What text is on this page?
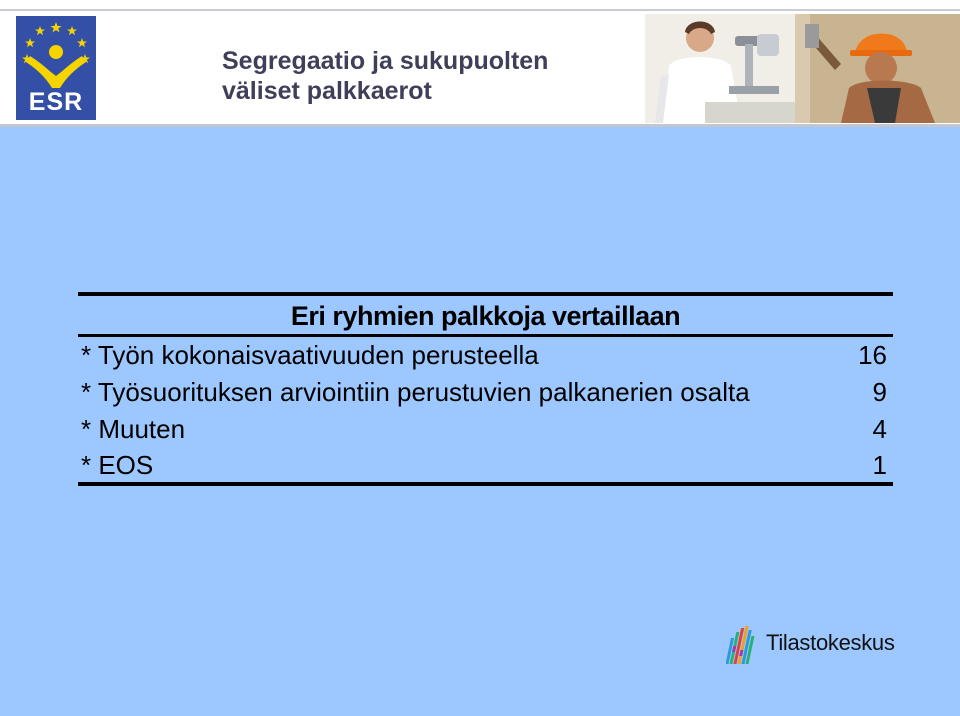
ESR
Segregaatio ja sukupuolten
väliset palkkaerot
Eri ryhmien palkkoja vertaillaan
* Työn kokonaisvaativuuden perusteella	16
* Työsuorituksen arviointiin perustuvien palkanerien osalta	9
* Muuten	4
* EOS	1
Tilastokeskus
